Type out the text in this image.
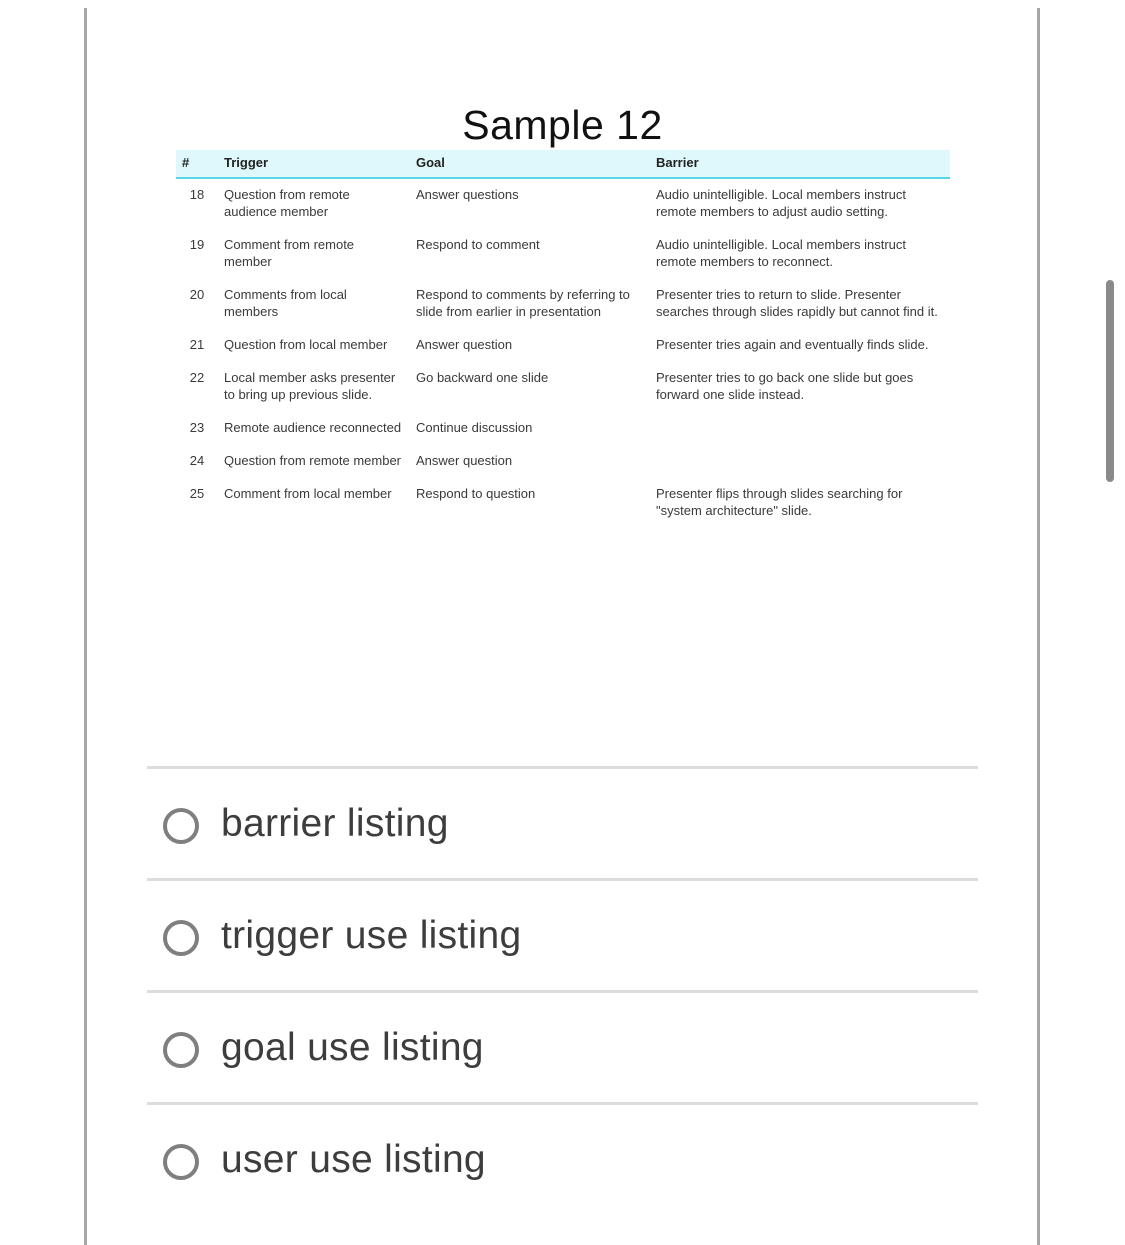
Sample 12
#	Trigger	Goal	Barrier
18	Question from remote audience member	Answer questions	Audio unintelligible. Local members instruct remote members to adjust audio setting.
19	Comment from remote member	Respond to comment	Audio unintelligible. Local members instruct remote members to reconnect.
20	Comments from local members	Respond to comments by referring to slide from earlier in presentation	Presenter tries to return to slide. Presenter searches through slides rapidly but cannot find it.
21	Question from local member	Answer question	Presenter tries again and eventually finds slide.
22	Local member asks presenter to bring up previous slide.	Go backward one slide	Presenter tries to go back one slide but goes forward one slide instead.
23	Remote audience reconnected	Continue discussion	
24	Question from remote member	Answer question	
25	Comment from local member	Respond to question	Presenter flips through slides searching for "system architecture" slide.
barrier listing
trigger use listing
goal use listing
user use listing
